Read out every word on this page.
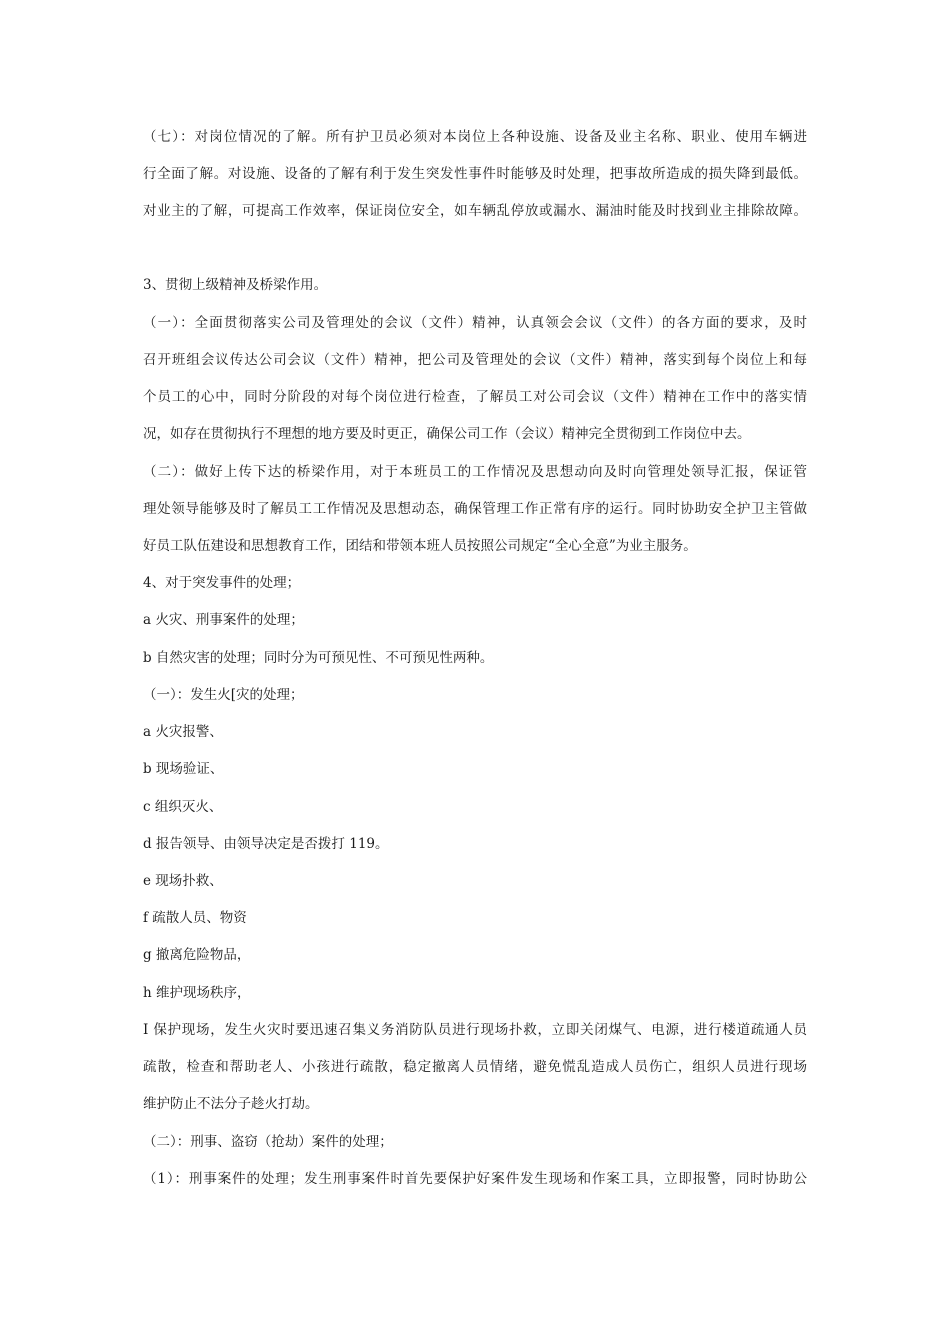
（七）：对岗位情况的了解。所有护卫员必须对本岗位上各种设施、设备及业主名称、职业、使用车辆进
行全面了解。对设施、设备的了解有利于发生突发性事件时能够及时处理，把事故所造成的损失降到最低。
对业主的了解，可提高工作效率，保证岗位安全，如车辆乱停放或漏水、漏油时能及时找到业主排除故障。
3、贯彻上级精神及桥梁作用。
（一）：全面贯彻落实公司及管理处的会议（文件）精神，认真领会会议（文件）的各方面的要求，及时
召开班组会议传达公司会议（文件）精神，把公司及管理处的会议（文件）精神，落实到每个岗位上和每
个员工的心中，同时分阶段的对每个岗位进行检查，了解员工对公司会议（文件）精神在工作中的落实情
况，如存在贯彻执行不理想的地方要及时更正，确保公司工作（会议）精神完全贯彻到工作岗位中去。
（二）：做好上传下达的桥梁作用，对于本班员工的工作情况及思想动向及时向管理处领导汇报，保证管
理处领导能够及时了解员工工作情况及思想动态，确保管理工作正常有序的运行。同时协助安全护卫主管做
好员工队伍建设和思想教育工作，团结和带领本班人员按照公司规定“全心全意”为业主服务。
4、对于突发事件的处理；
a 火灾、刑事案件的处理；
b 自然灾害的处理；同时分为可预见性、不可预见性两种。
（一）：发生火[灾的处理；
a 火灾报警、
b 现场验证、
c 组织灭火、
d 报告领导、由领导决定是否拨打 119。
e 现场扑救、
f 疏散人员、物资
g 撤离危险物品，
h 维护现场秩序，
I 保护现场，发生火灾时要迅速召集义务消防队员进行现场扑救，立即关闭煤气、电源，进行楼道疏通人员
疏散，检查和帮助老人、小孩进行疏散，稳定撤离人员情绪，避免慌乱造成人员伤亡，组织人员进行现场
维护防止不法分子趁火打劫。
（二）：刑事、盗窃（抢劫）案件的处理；
（1）：刑事案件的处理；发生刑事案件时首先要保护好案件发生现场和作案工具，立即报警，同时协助公
